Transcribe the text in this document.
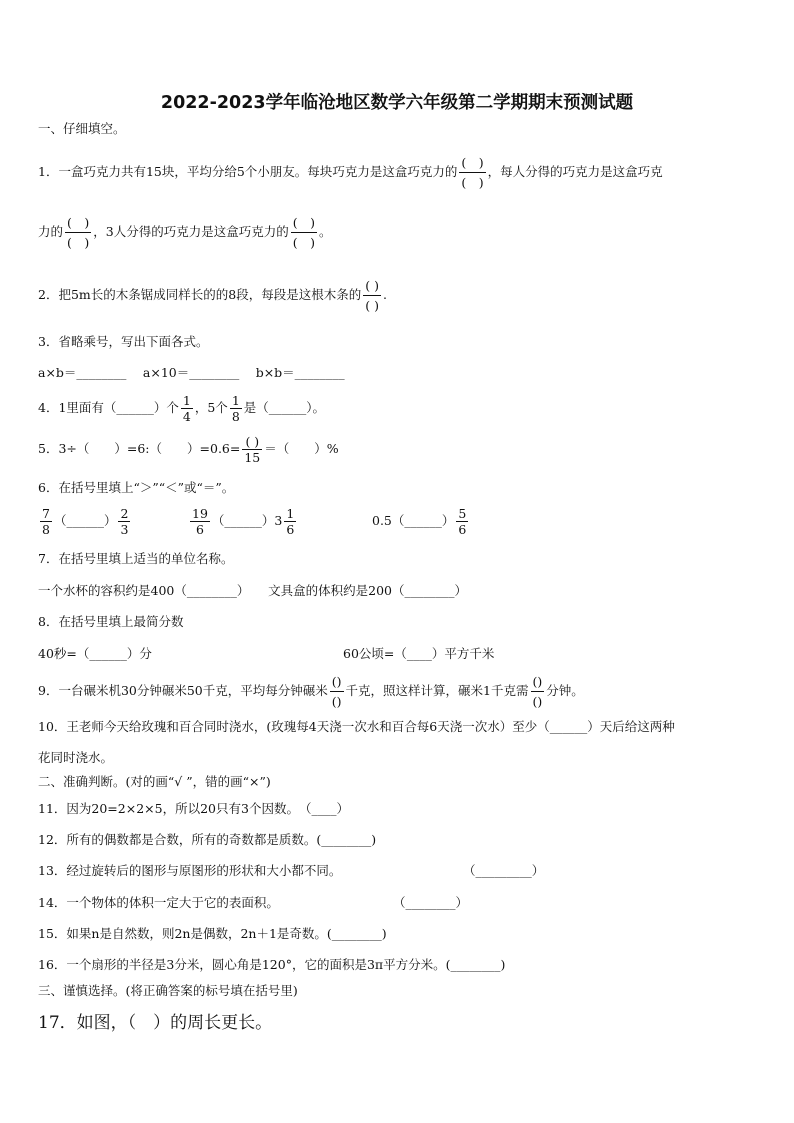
2022-2023学年临沧地区数学六年级第二学期期末预测试题
一、仔细填空。
1．一盒巧克力共有15块，平均分给5个小朋友。每块巧克力是这盒巧克力的 $\frac{( )}{( )}$ ，每人分得的巧克力是这盒巧克
力的 $\frac{( )}{( )}$ ，3人分得的巧克力是这盒巧克力的 $\frac{( )}{( )}$ 。
2．把5m长的木条锯成同样长的的8段，每段是这根木条的 $\frac{( )}{( )}$ .
3．省略乘号，写出下面各式。
a×b＝________　 a×10＝________　 b×b＝________
4．1里面有（______）个 $\frac{1}{4}$ ，5个 $\frac{1}{8}$ 是（______）。
5．3÷（　　）=6:（　　）$=0.6= \frac{( )}{15}$ ＝（　　）%
6．在括号里填上“＞”“＜”或“＝”。
$\frac{7}{8}$ （______） $\frac{2}{3}$	$\frac{19}{6}$ （______）3 $\frac{1}{6}$	0.5（______） $\frac{5}{6}$
7．在括号里填上适当的单位名称。
一个水杯的容积约是400（________）　　文具盒的体积约是200（________）
8．在括号里填上最简分数
40秒=（______）分	60公顷=（____）平方千米
9．一台碾米机30分钟碾米50千克，平均每分钟碾米 $\frac{()}{()}$ 千克，照这样计算，碾米1千克需 $\frac{()}{()}$ 分钟。
10．王老师今天给玫瑰和百合同时浇水，(玫瑰每4天浇一次水和百合每6天浇一次水）至少（______）天后给这两种
花同时浇水。
二、准确判断。(对的画“√ ”，错的画“×”)
11．因为20=2×2×5，所以20只有3个因数。　（____）
12．所有的偶数都是合数，所有的奇数都是质数。(________)
13．经过旋转后的图形与原图形的形状和大小都不同。	（_________）
14．一个物体的体积一定大于它的表面积。	（________）
15．如果n是自然数，则2n是偶数，2n＋1是奇数。(________)
16．一个扇形的半径是3分米，圆心角是120°，它的面积是3π平方分米。(________)
三、谨慎选择。(将正确答案的标号填在括号里)
17．如图，（　）的周长更长。
